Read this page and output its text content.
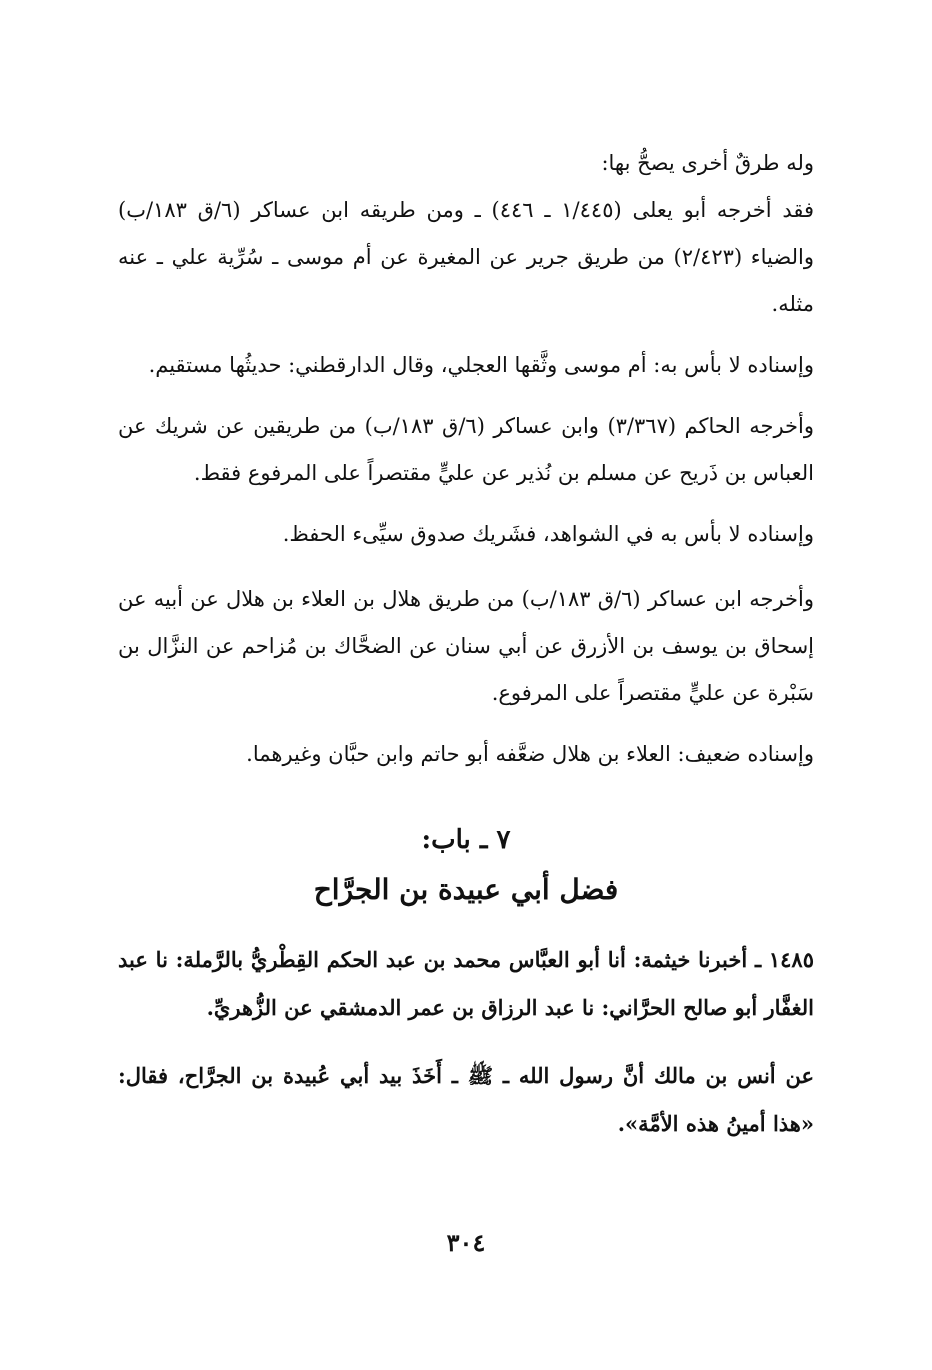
وله طرقٌ أخرى يصحُّ بها:

فقد أخرجه أبو يعلى (١/٤٤٥ ـ ٤٤٦) ـ ومن طريقه ابن عساكر (٦/ق ١٨٣/ب) والضياء (٢/٤٢٣) من طريق جرير عن المغيرة عن أم موسى ـ سُرِّية علي ـ عنه مثله.

وإسناده لا بأس به: أم موسى وثَّقها العجلي، وقال الدارقطني: حديثُها مستقيم.

وأخرجه الحاكم (٣/٣٦٧) وابن عساكر (٦/ق ١٨٣/ب) من طريقين عن شريك عن العباس بن ذَريح عن مسلم بن نُذير عن عليٍّ مقتصراً على المرفوع فقط.

وإسناده لا بأس به في الشواهد، فشَريك صدوق سيِّىء الحفظ.

وأخرجه ابن عساكر (٦/ق ١٨٣/ب) من طريق هلال بن العلاء بن هلال عن أبيه عن إسحاق بن يوسف بن الأزرق عن أبي سنان عن الضحَّاك بن مُزاحم عن النزَّال بن سَبْرة عن عليٍّ مقتصراً على المرفوع.

وإسناده ضعيف: العلاء بن هلال ضعَّفه أبو حاتم وابن حبَّان وغيرهما.

٧ ـ باب:
فضل أبي عبيدة بن الجرَّاح

١٤٨٥ ـ أخبرنا خيثمة: أنا أبو العبَّاس محمد بن عبد الحكم القِطْريُّ بالرَّملة: نا عبد الغفَّار أبو صالح الحرَّاني: نا عبد الرزاق بن عمر الدمشقي عن الزُّهريِّ.

عن أنس بن مالك أنَّ رسول الله ـ ﷺ ـ أَخَذَ بيد أبي عُبيدة بن الجرَّاح، فقال: «هذا أمينُ هذه الأمَّة».

٣٠٤
